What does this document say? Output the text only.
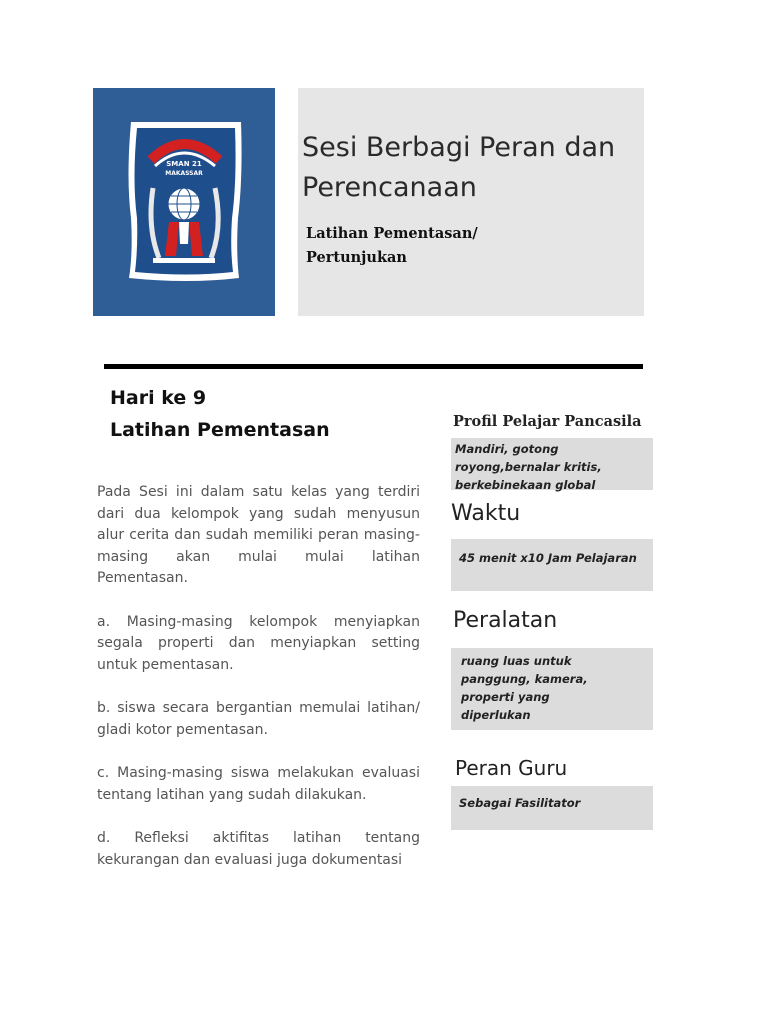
SMAN 21
MAKASSAR
Sesi Berbagi Peran dan Perencanaan
Latihan Pementasan/ Pertunjukan
Hari ke 9
Latihan Pementasan

Pada Sesi ini dalam satu kelas yang terdiri dari dua kelompok yang sudah menyusun alur cerita dan sudah memiliki peran masing-masing akan mulai mulai latihan Pementasan.

a. Masing-masing kelompok menyiapkan segala properti dan menyiapkan setting untuk pementasan.

b. siswa secara bergantian memulai latihan/ gladi kotor pementasan.

c. Masing-masing siswa melakukan evaluasi tentang latihan yang sudah dilakukan.

d. Refleksi aktifitas latihan tentang kekurangan dan evaluasi juga dokumentasi

Profil Pelajar Pancasila
Mandiri, gotong royong,bernalar kritis, berkebinekaan global
Waktu
45 menit x10 Jam Pelajaran
Peralatan
ruang luas untuk panggung, kamera, properti yang diperlukan
Peran Guru
Sebagai Fasilitator
